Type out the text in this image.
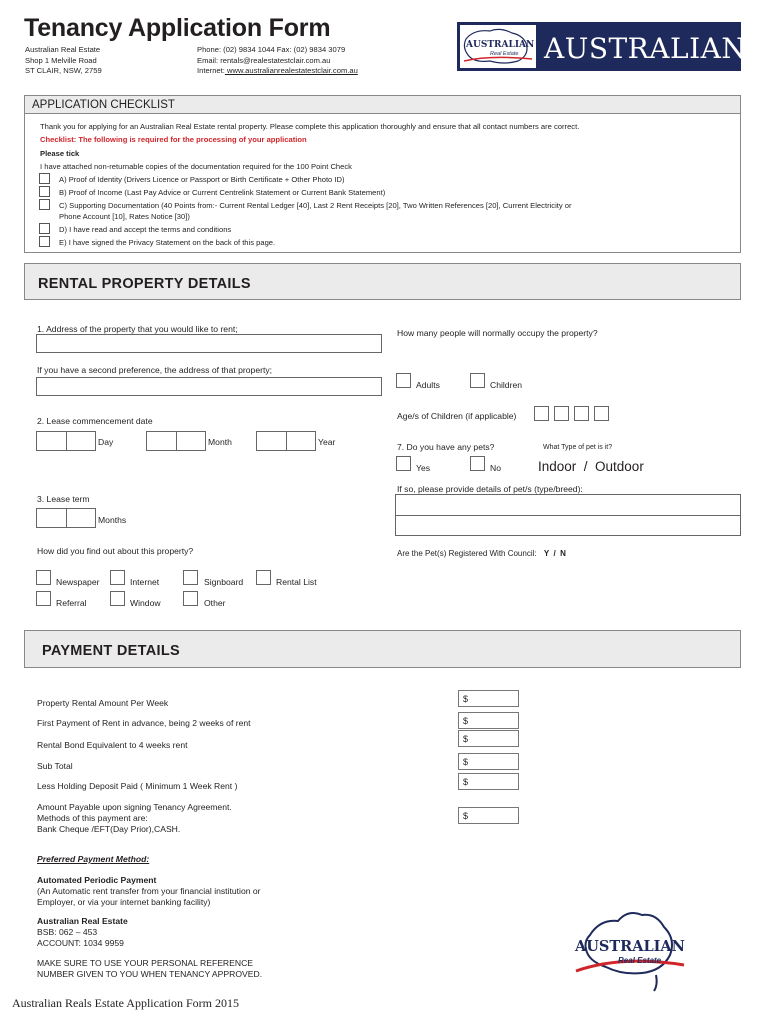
Tenancy Application Form
Australian Real Estate
Shop 1 Melville Road
ST CLAIR, NSW, 2759
Phone: (02) 9834 1044 Fax: (02) 9834 3079
Email: rentals@realestatestclair.com.au
Internet: www.australianrealestatestclair.com.au
AUSTRALIAN
Real Estate AUSTRALIAN
APPLICATION CHECKLIST
Thank you for applying for an Australian Real Estate rental property. Please complete this application thoroughly and ensure that all contact numbers are correct.
Checklist: The following is required for the processing of your application
Please tick
I have attached non-returnable copies of the documentation required for the 100 Point Check
A) Proof of Identity (Drivers Licence or Passport or Birth Certificate + Other Photo ID)
B) Proof of Income (Last Pay Advice or Current Centrelink Statement or Current Bank Statement)
C) Supporting Documentation (40 Points from:- Current Rental Ledger [40], Last 2 Rent Receipts [20], Two Written References [20], Current Electricity or
Phone Account [10], Rates Notice [30])
D) I have read and accept the terms and conditions
E) I have signed the Privacy Statement on the back of this page.
RENTAL PROPERTY DETAILS
1. Address of the property that you would like to rent;
If you have a second preference, the address of that property;
2. Lease commencement date
Day	Month	Year
3. Lease term
Months
How did you find out about this property?
Newspaper	Internet	Signboard	Rental List
Referral	Window	Other
How many people will normally occupy the property?
Adults	Children
Age/s of Children (if applicable)
7. Do you have any pets?	What Type of pet is it?
Yes	No	Indoor  /  Outdoor
If so, please provide details of pet/s (type/breed):
Are the Pet(s) Registered With Council: Y  /  N
PAYMENT DETAILS
Property Rental Amount Per Week	$
First Payment of Rent in advance, being 2 weeks of rent	$
Rental Bond Equivalent to 4 weeks rent
$
Sub Total	$
Less Holding Deposit Paid ( Minimum 1 Week Rent )	$
Amount Payable upon signing Tenancy Agreement.
Methods of this payment are:
Bank Cheque /EFT(Day Prior),CASH.
$
Preferred Payment Method:
Automated Periodic Payment
(An Automatic rent transfer from your financial institution or
Employer, or via your internet banking facility)
Australian Real Estate
BSB: 062 – 453
ACCOUNT: 1034 9959
MAKE SURE TO USE YOUR PERSONAL REFERENCE
NUMBER GIVEN TO YOU WHEN TENANCY APPROVED.
AUSTRALIAN
Real Estate
Australian Reals Estate Application Form 2015
